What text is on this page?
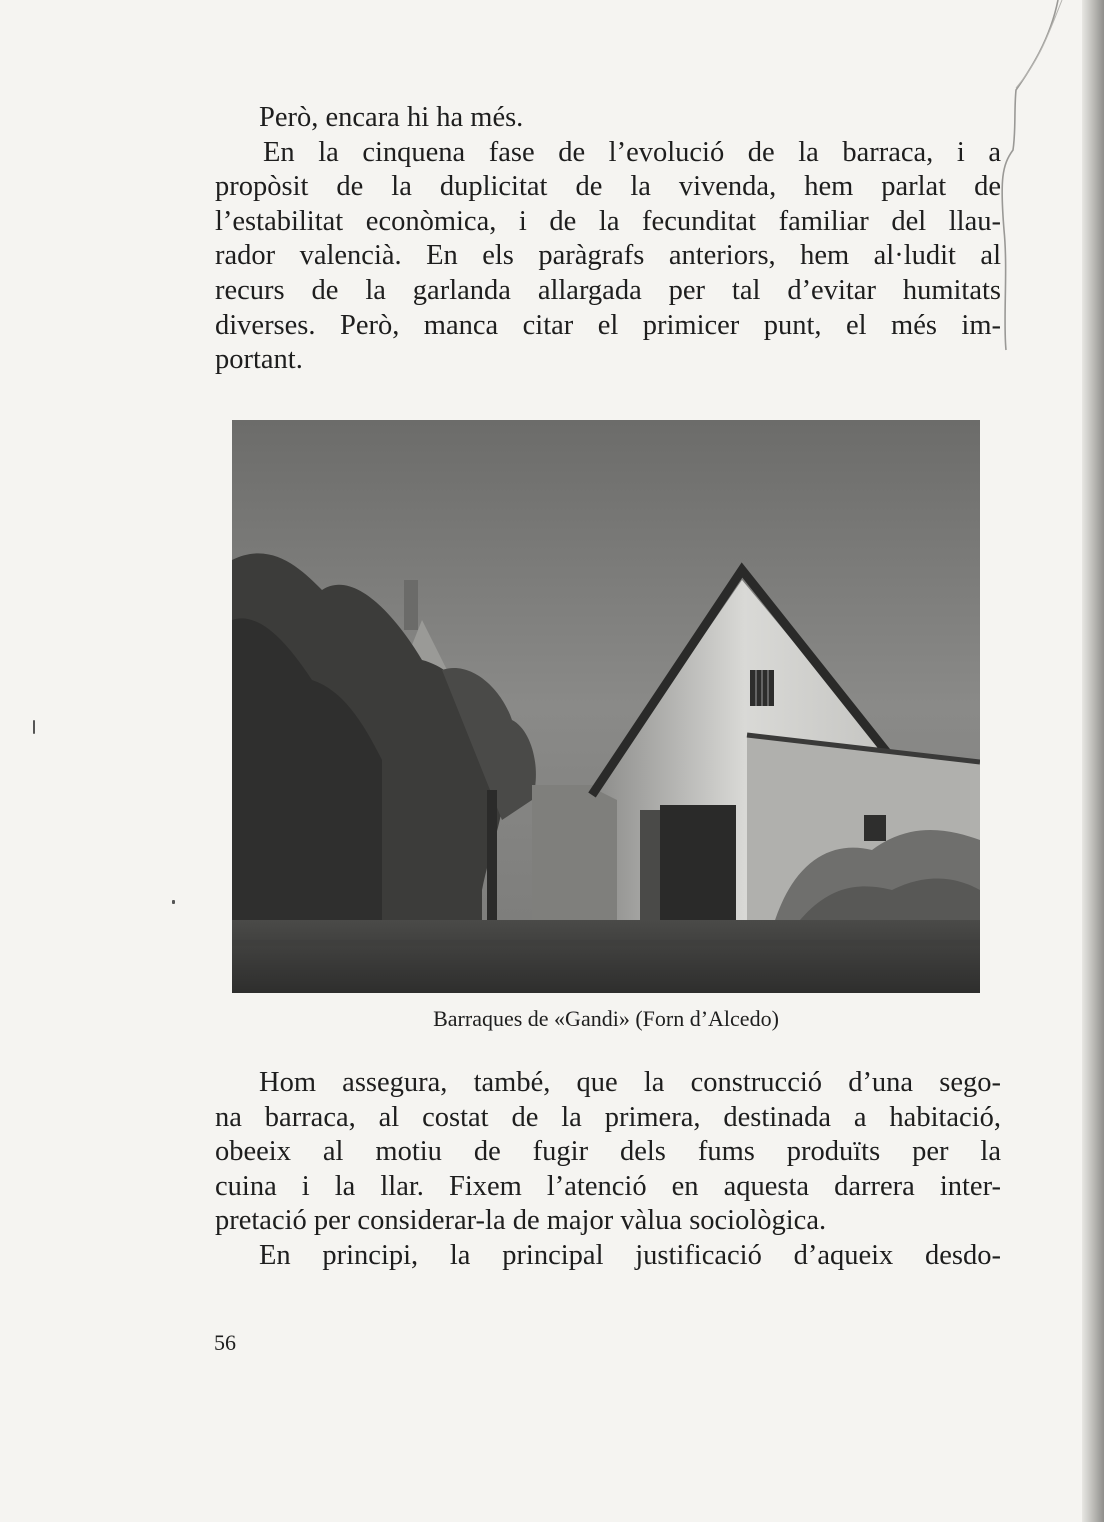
Però, encara hi ha més.

En la cinquena fase de l’evolució de la barraca, i a
propòsit de la duplicitat de la vivenda, hem parlat de
l’estabilitat econòmica, i de la fecunditat familiar del llau-
rador valencià. En els paràgrafs anteriors, hem al·ludit al
recurs de la garlanda allargada per tal d’evitar humitats
diverses. Però, manca citar el primicer punt, el més im-
portant.

Barraques de «Gandi» (Forn d’Alcedo)

Hom assegura, també, que la construcció d’una sego-
na barraca, al costat de la primera, destinada a habitació,
obeeix al motiu de fugir dels fums produïts per la
cuina i la llar. Fixem l’atenció en aquesta darrera inter-
pretació per considerar-la de major vàlua sociològica.

En principi, la principal justificació d’aqueix desdo-

56
